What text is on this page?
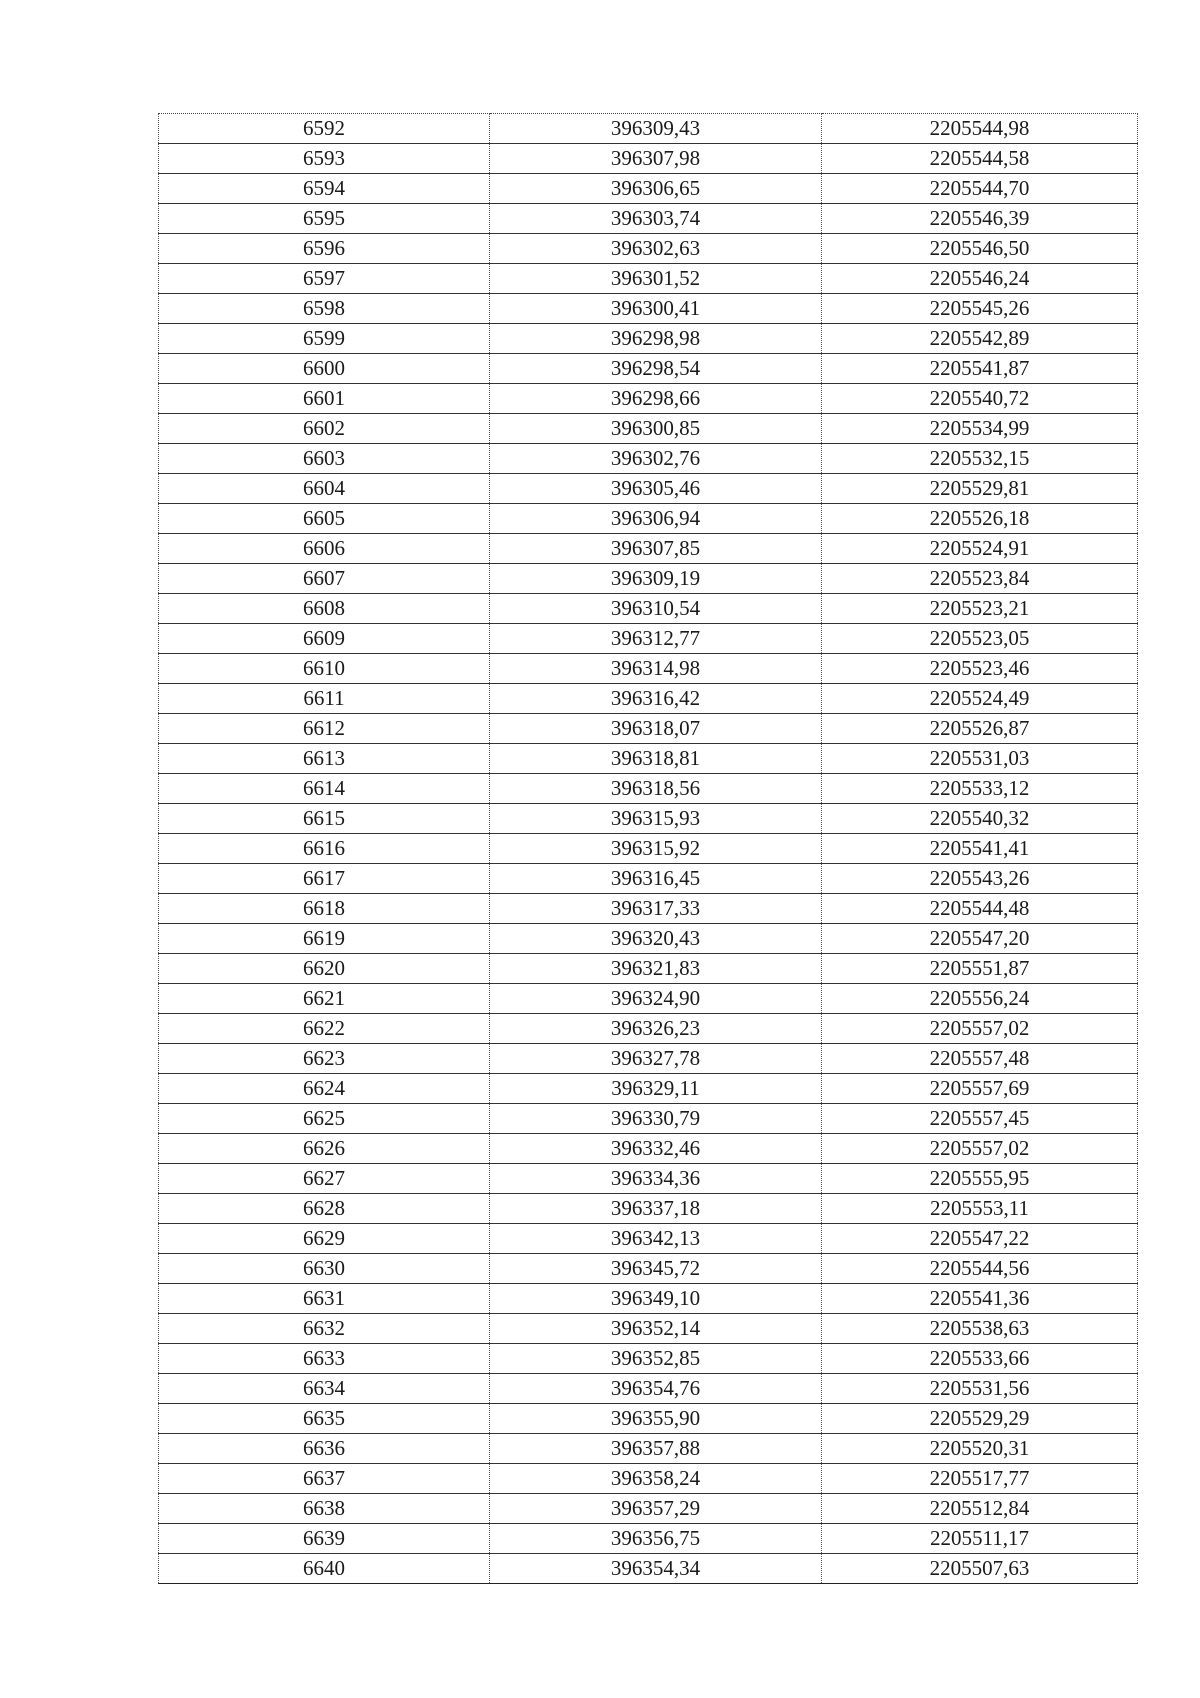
6592	396309,43	2205544,98
6593	396307,98	2205544,58
6594	396306,65	2205544,70
6595	396303,74	2205546,39
6596	396302,63	2205546,50
6597	396301,52	2205546,24
6598	396300,41	2205545,26
6599	396298,98	2205542,89
6600	396298,54	2205541,87
6601	396298,66	2205540,72
6602	396300,85	2205534,99
6603	396302,76	2205532,15
6604	396305,46	2205529,81
6605	396306,94	2205526,18
6606	396307,85	2205524,91
6607	396309,19	2205523,84
6608	396310,54	2205523,21
6609	396312,77	2205523,05
6610	396314,98	2205523,46
6611	396316,42	2205524,49
6612	396318,07	2205526,87
6613	396318,81	2205531,03
6614	396318,56	2205533,12
6615	396315,93	2205540,32
6616	396315,92	2205541,41
6617	396316,45	2205543,26
6618	396317,33	2205544,48
6619	396320,43	2205547,20
6620	396321,83	2205551,87
6621	396324,90	2205556,24
6622	396326,23	2205557,02
6623	396327,78	2205557,48
6624	396329,11	2205557,69
6625	396330,79	2205557,45
6626	396332,46	2205557,02
6627	396334,36	2205555,95
6628	396337,18	2205553,11
6629	396342,13	2205547,22
6630	396345,72	2205544,56
6631	396349,10	2205541,36
6632	396352,14	2205538,63
6633	396352,85	2205533,66
6634	396354,76	2205531,56
6635	396355,90	2205529,29
6636	396357,88	2205520,31
6637	396358,24	2205517,77
6638	396357,29	2205512,84
6639	396356,75	2205511,17
6640	396354,34	2205507,63
